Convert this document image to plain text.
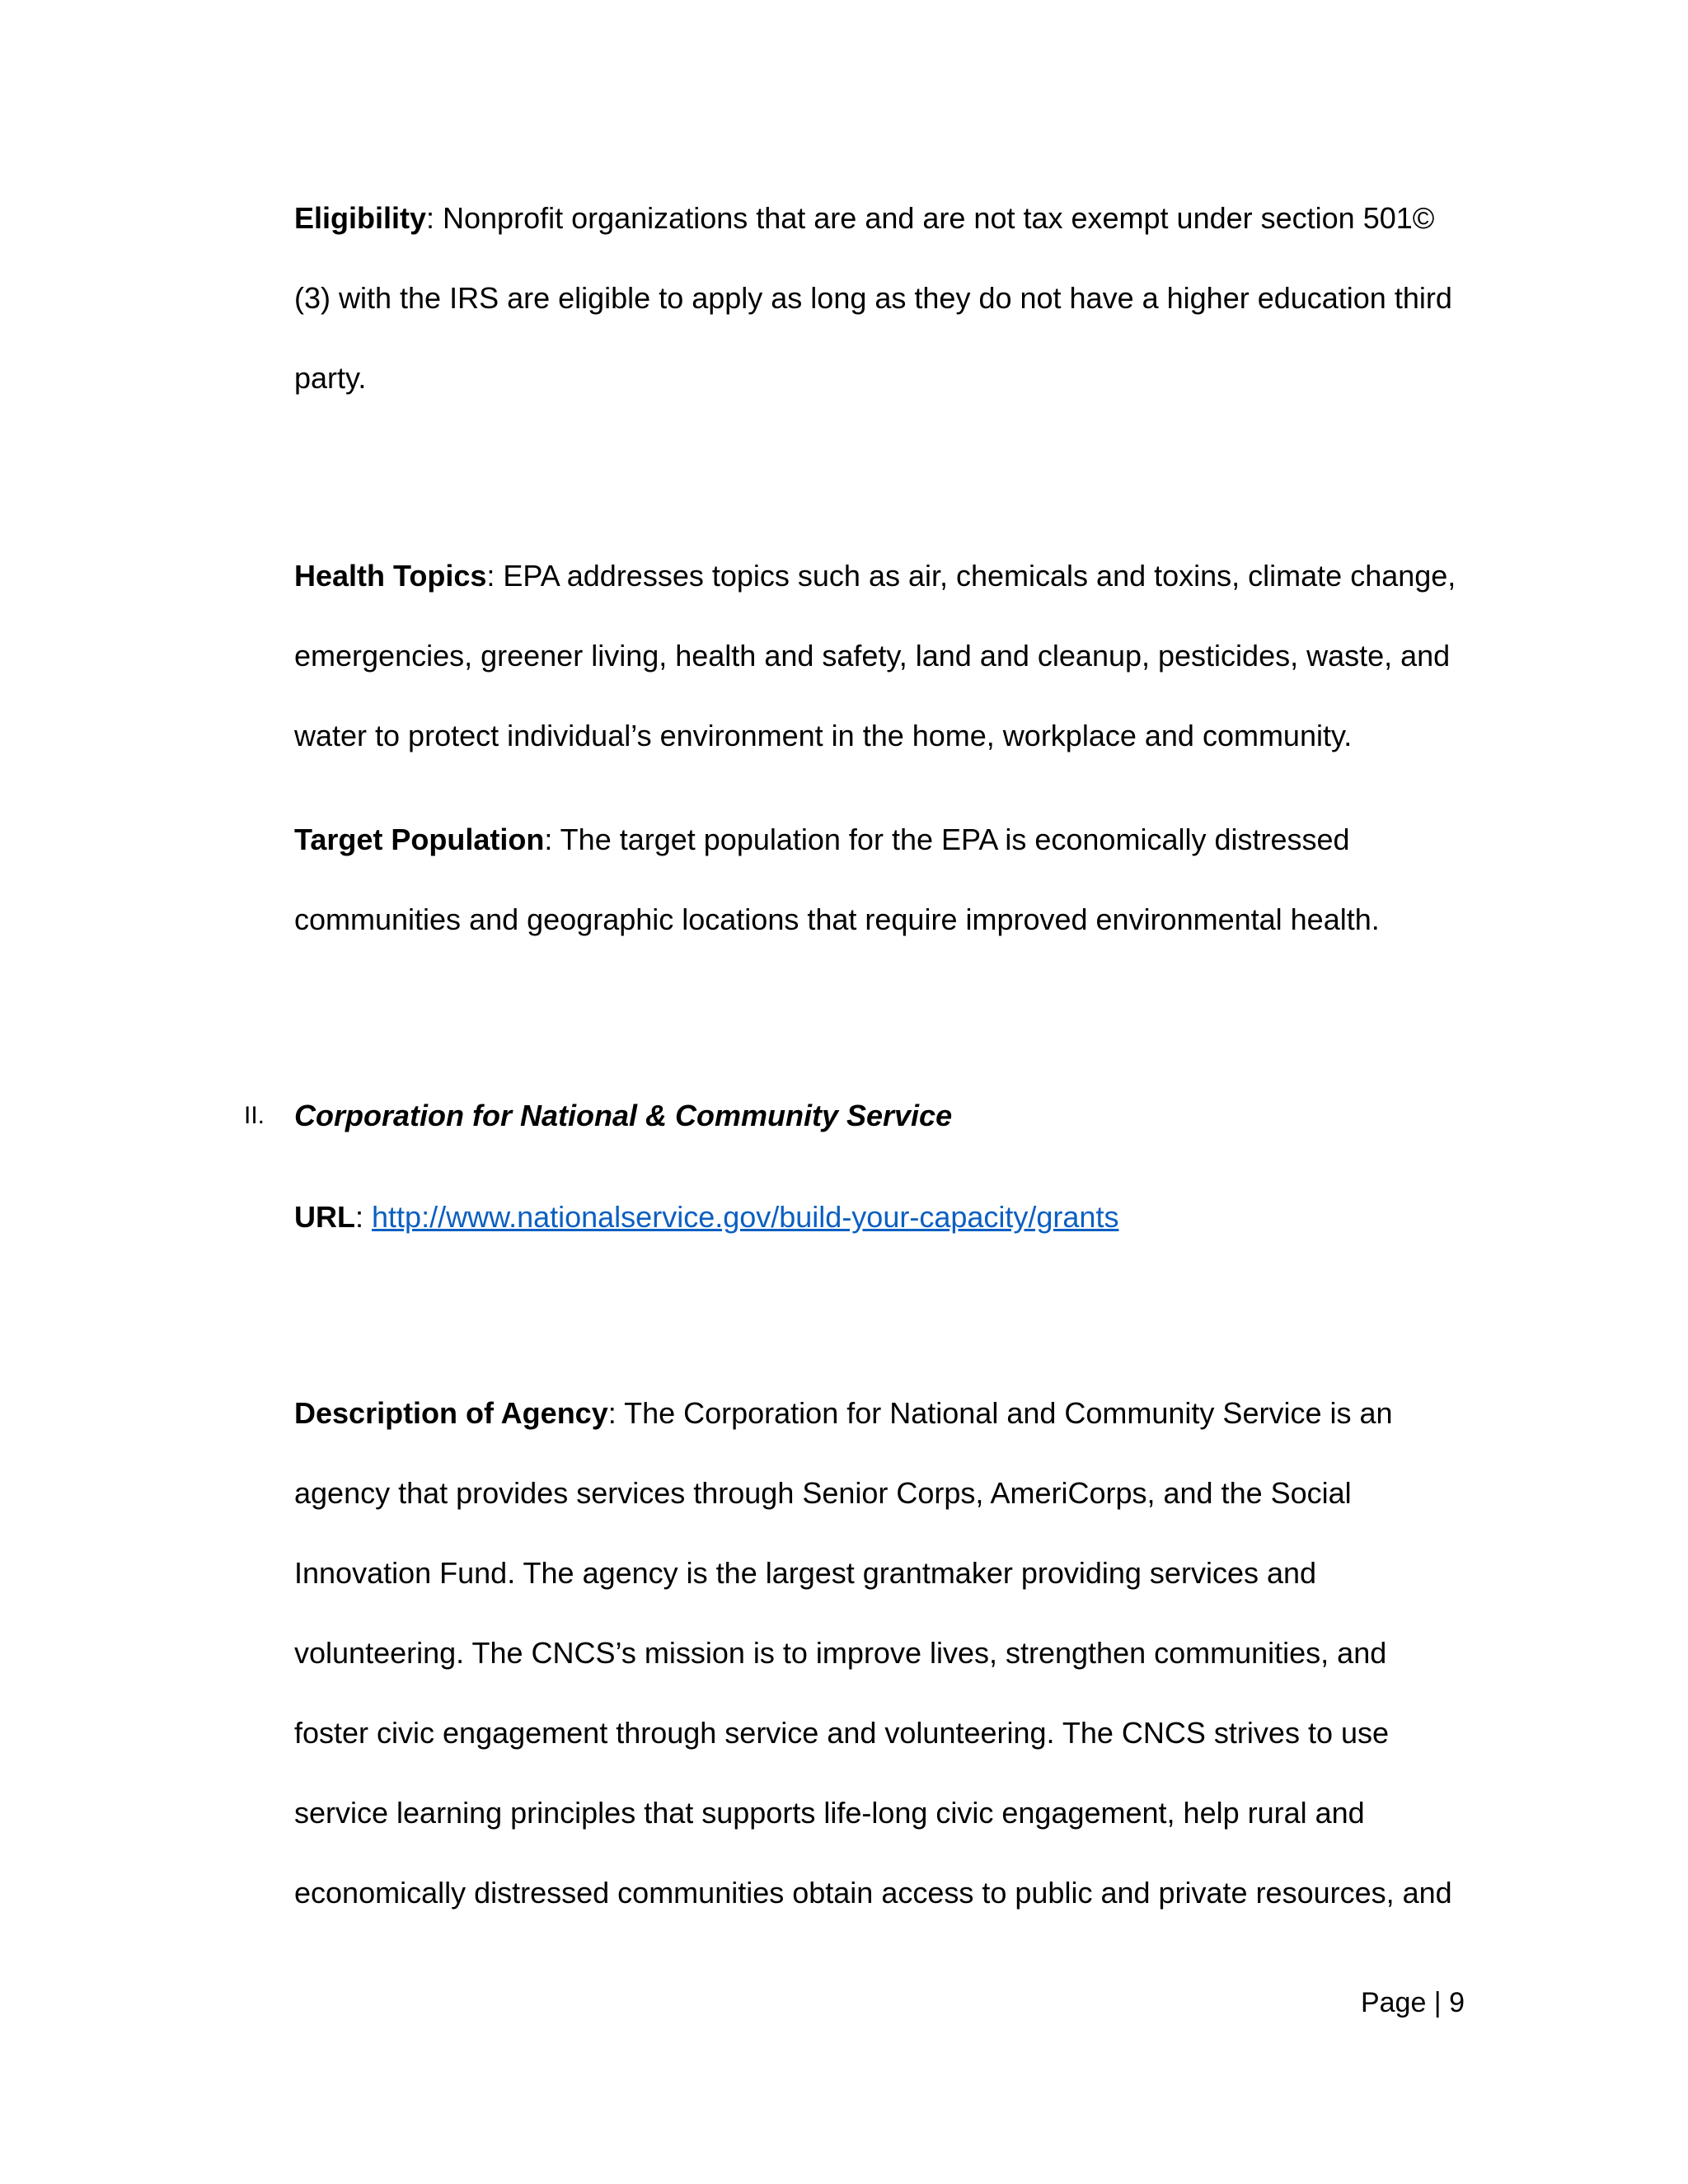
Eligibility: Nonprofit organizations that are and are not tax exempt under section 501©
(3) with the IRS are eligible to apply as long as they do not have a higher education third
party.

Health Topics: EPA addresses topics such as air, chemicals and toxins, climate change,
emergencies, greener living, health and safety, land and cleanup, pesticides, waste, and
water to protect individual’s environment in the home, workplace and community.

Target Population: The target population for the EPA is economically distressed
communities and geographic locations that require improved environmental health.

II. Corporation for National & Community Service

URL: http://www.nationalservice.gov/build-your-capacity/grants

Description of Agency: The Corporation for National and Community Service is an
agency that provides services through Senior Corps, AmeriCorps, and the Social
Innovation Fund. The agency is the largest grantmaker providing services and
volunteering. The CNCS’s mission is to improve lives, strengthen communities, and
foster civic engagement through service and volunteering. The CNCS strives to use
service learning principles that supports life-long civic engagement, help rural and
economically distressed communities obtain access to public and private resources, and

Page | 9
